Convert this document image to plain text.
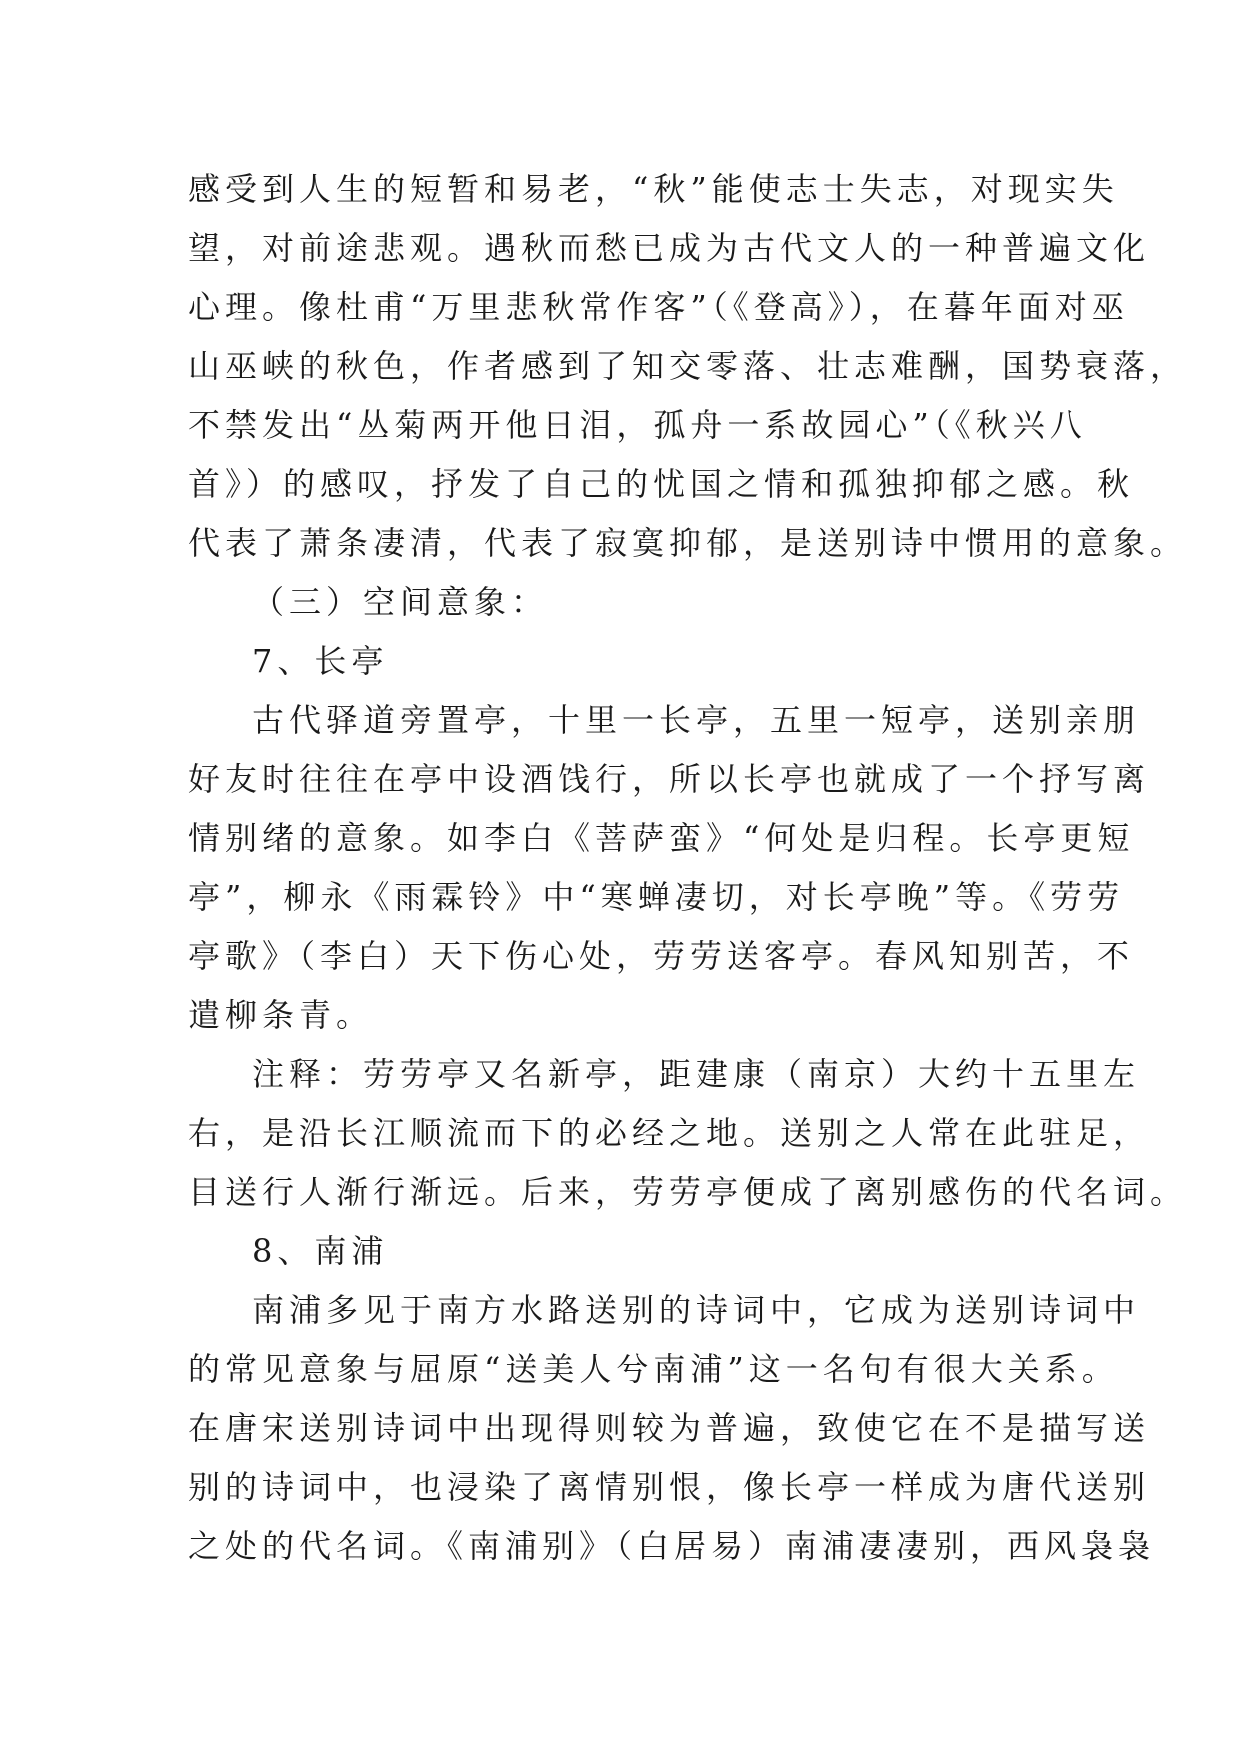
感受到人生的短暂和易老，“秋”能使志士失志，对现实失
望，对前途悲观。遇秋而愁已成为古代文人的一种普遍文化
心理。像杜甫“万里悲秋常作客”（《登高》），在暮年面对巫
山巫峡的秋色，作者感到了知交零落、壮志难酬，国势衰落，
不禁发出“丛菊两开他日泪，孤舟一系故园心”（《秋兴八
首》）的感叹，抒发了自己的忧国之情和孤独抑郁之感。秋
代表了萧条凄清，代表了寂寞抑郁，是送别诗中惯用的意象。
（三）空间意象：
7、长亭
古代驿道旁置亭，十里一长亭，五里一短亭，送别亲朋
好友时往往在亭中设酒饯行，所以长亭也就成了一个抒写离
情别绪的意象。如李白《菩萨蛮》“何处是归程。长亭更短
亭”，柳永《雨霖铃》中“寒蝉凄切，对长亭晚”等。《劳劳
亭歌》（李白）天下伤心处，劳劳送客亭。春风知别苦，不
遣柳条青。
注释：劳劳亭又名新亭，距建康（南京）大约十五里左
右，是沿长江顺流而下的必经之地。送别之人常在此驻足，
目送行人渐行渐远。后来，劳劳亭便成了离别感伤的代名词。
8、南浦
南浦多见于南方水路送别的诗词中，它成为送别诗词中
的常见意象与屈原“送美人兮南浦”这一名句有很大关系。
在唐宋送别诗词中出现得则较为普遍，致使它在不是描写送
别的诗词中，也浸染了离情别恨，像长亭一样成为唐代送别
之处的代名词。《南浦别》（白居易）南浦凄凄别，西风袅袅
